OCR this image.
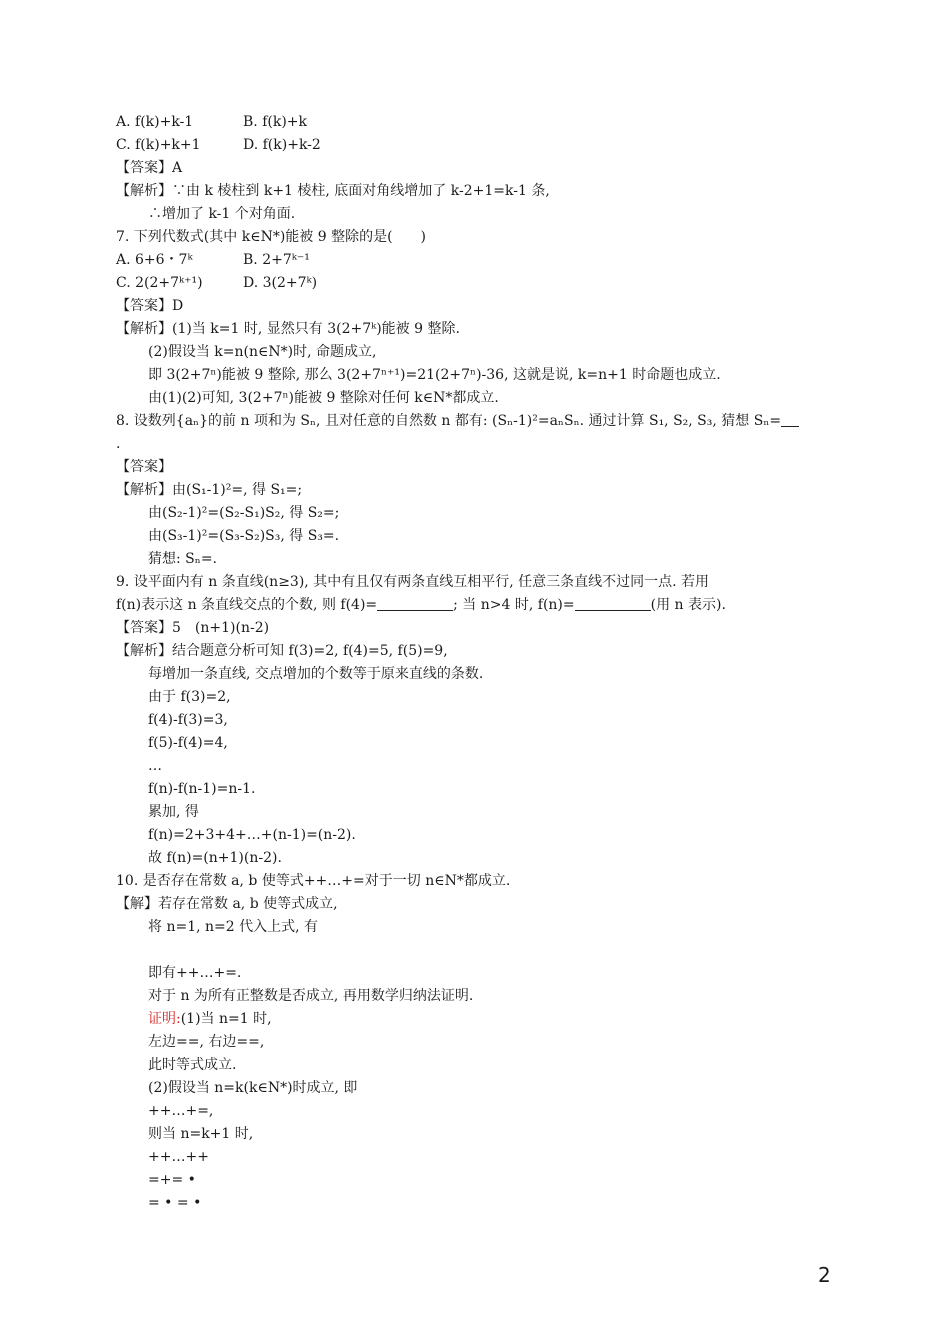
A. f(k)+k-1	B. f(k)+k
C. f(k)+k+1	D. f(k)+k-2
【答案】A
【解析】∵由 k 棱柱到 k+1 棱柱, 底面对角线增加了 k-2+1=k-1 条,
∴增加了 k-1 个对角面.
7. 下列代数式(其中 k∈N*)能被 9 整除的是(　　)
A. 6+6・7ᵏ	B. 2+7ᵏ⁻¹
C. 2(2+7ᵏ⁺¹)	D. 3(2+7ᵏ)
【答案】D
【解析】(1)当 k=1 时, 显然只有 3(2+7ᵏ)能被 9 整除.
(2)假设当 k=n(n∈N*)时, 命题成立,
即 3(2+7ⁿ)能被 9 整除, 那么 3(2+7ⁿ⁺¹)=21(2+7ⁿ)-36, 这就是说, k=n+1 时命题也成立.
由(1)(2)可知, 3(2+7ⁿ)能被 9 整除对任何 k∈N*都成立.
8. 设数列{aₙ}的前 n 项和为 Sₙ, 且对任意的自然数 n 都有: (Sₙ-1)²=aₙSₙ. 通过计算 S₁, S₂, S₃, 猜想 Sₙ=
.
【答案】
【解析】由(S₁-1)²=, 得 S₁=;
由(S₂-1)²=(S₂-S₁)S₂, 得 S₂=;
由(S₃-1)²=(S₃-S₂)S₃, 得 S₃=.
猜想: Sₙ=.
9. 设平面内有 n 条直线(n≥3), 其中有且仅有两条直线互相平行, 任意三条直线不过同一点. 若用
f(n)表示这 n 条直线交点的个数, 则 f(4)=	; 当 n>4 时, f(n)=	(用 n 表示).
【答案】5　(n+1)(n-2)
【解析】结合题意分析可知 f(3)=2, f(4)=5, f(5)=9,
每增加一条直线, 交点增加的个数等于原来直线的条数.
由于 f(3)=2,
f(4)-f(3)=3,
f(5)-f(4)=4,
…
f(n)-f(n-1)=n-1.
累加, 得
f(n)=2+3+4+…+(n-1)=(n-2).
故 f(n)=(n+1)(n-2).
10. 是否存在常数 a, b 使等式++…+=对于一切 n∈N*都成立.
【解】若存在常数 a, b 使等式成立,
将 n=1, n=2 代入上式, 有
即有++…+=.
对于 n 为所有正整数是否成立, 再用数学归纳法证明.
证明:(1)当 n=1 时,
左边==, 右边==,
此时等式成立.
(2)假设当 n=k(k∈N*)时成立, 即
++…+=,
则当 n=k+1 时,
++…++
=+= •
= • = •
2
